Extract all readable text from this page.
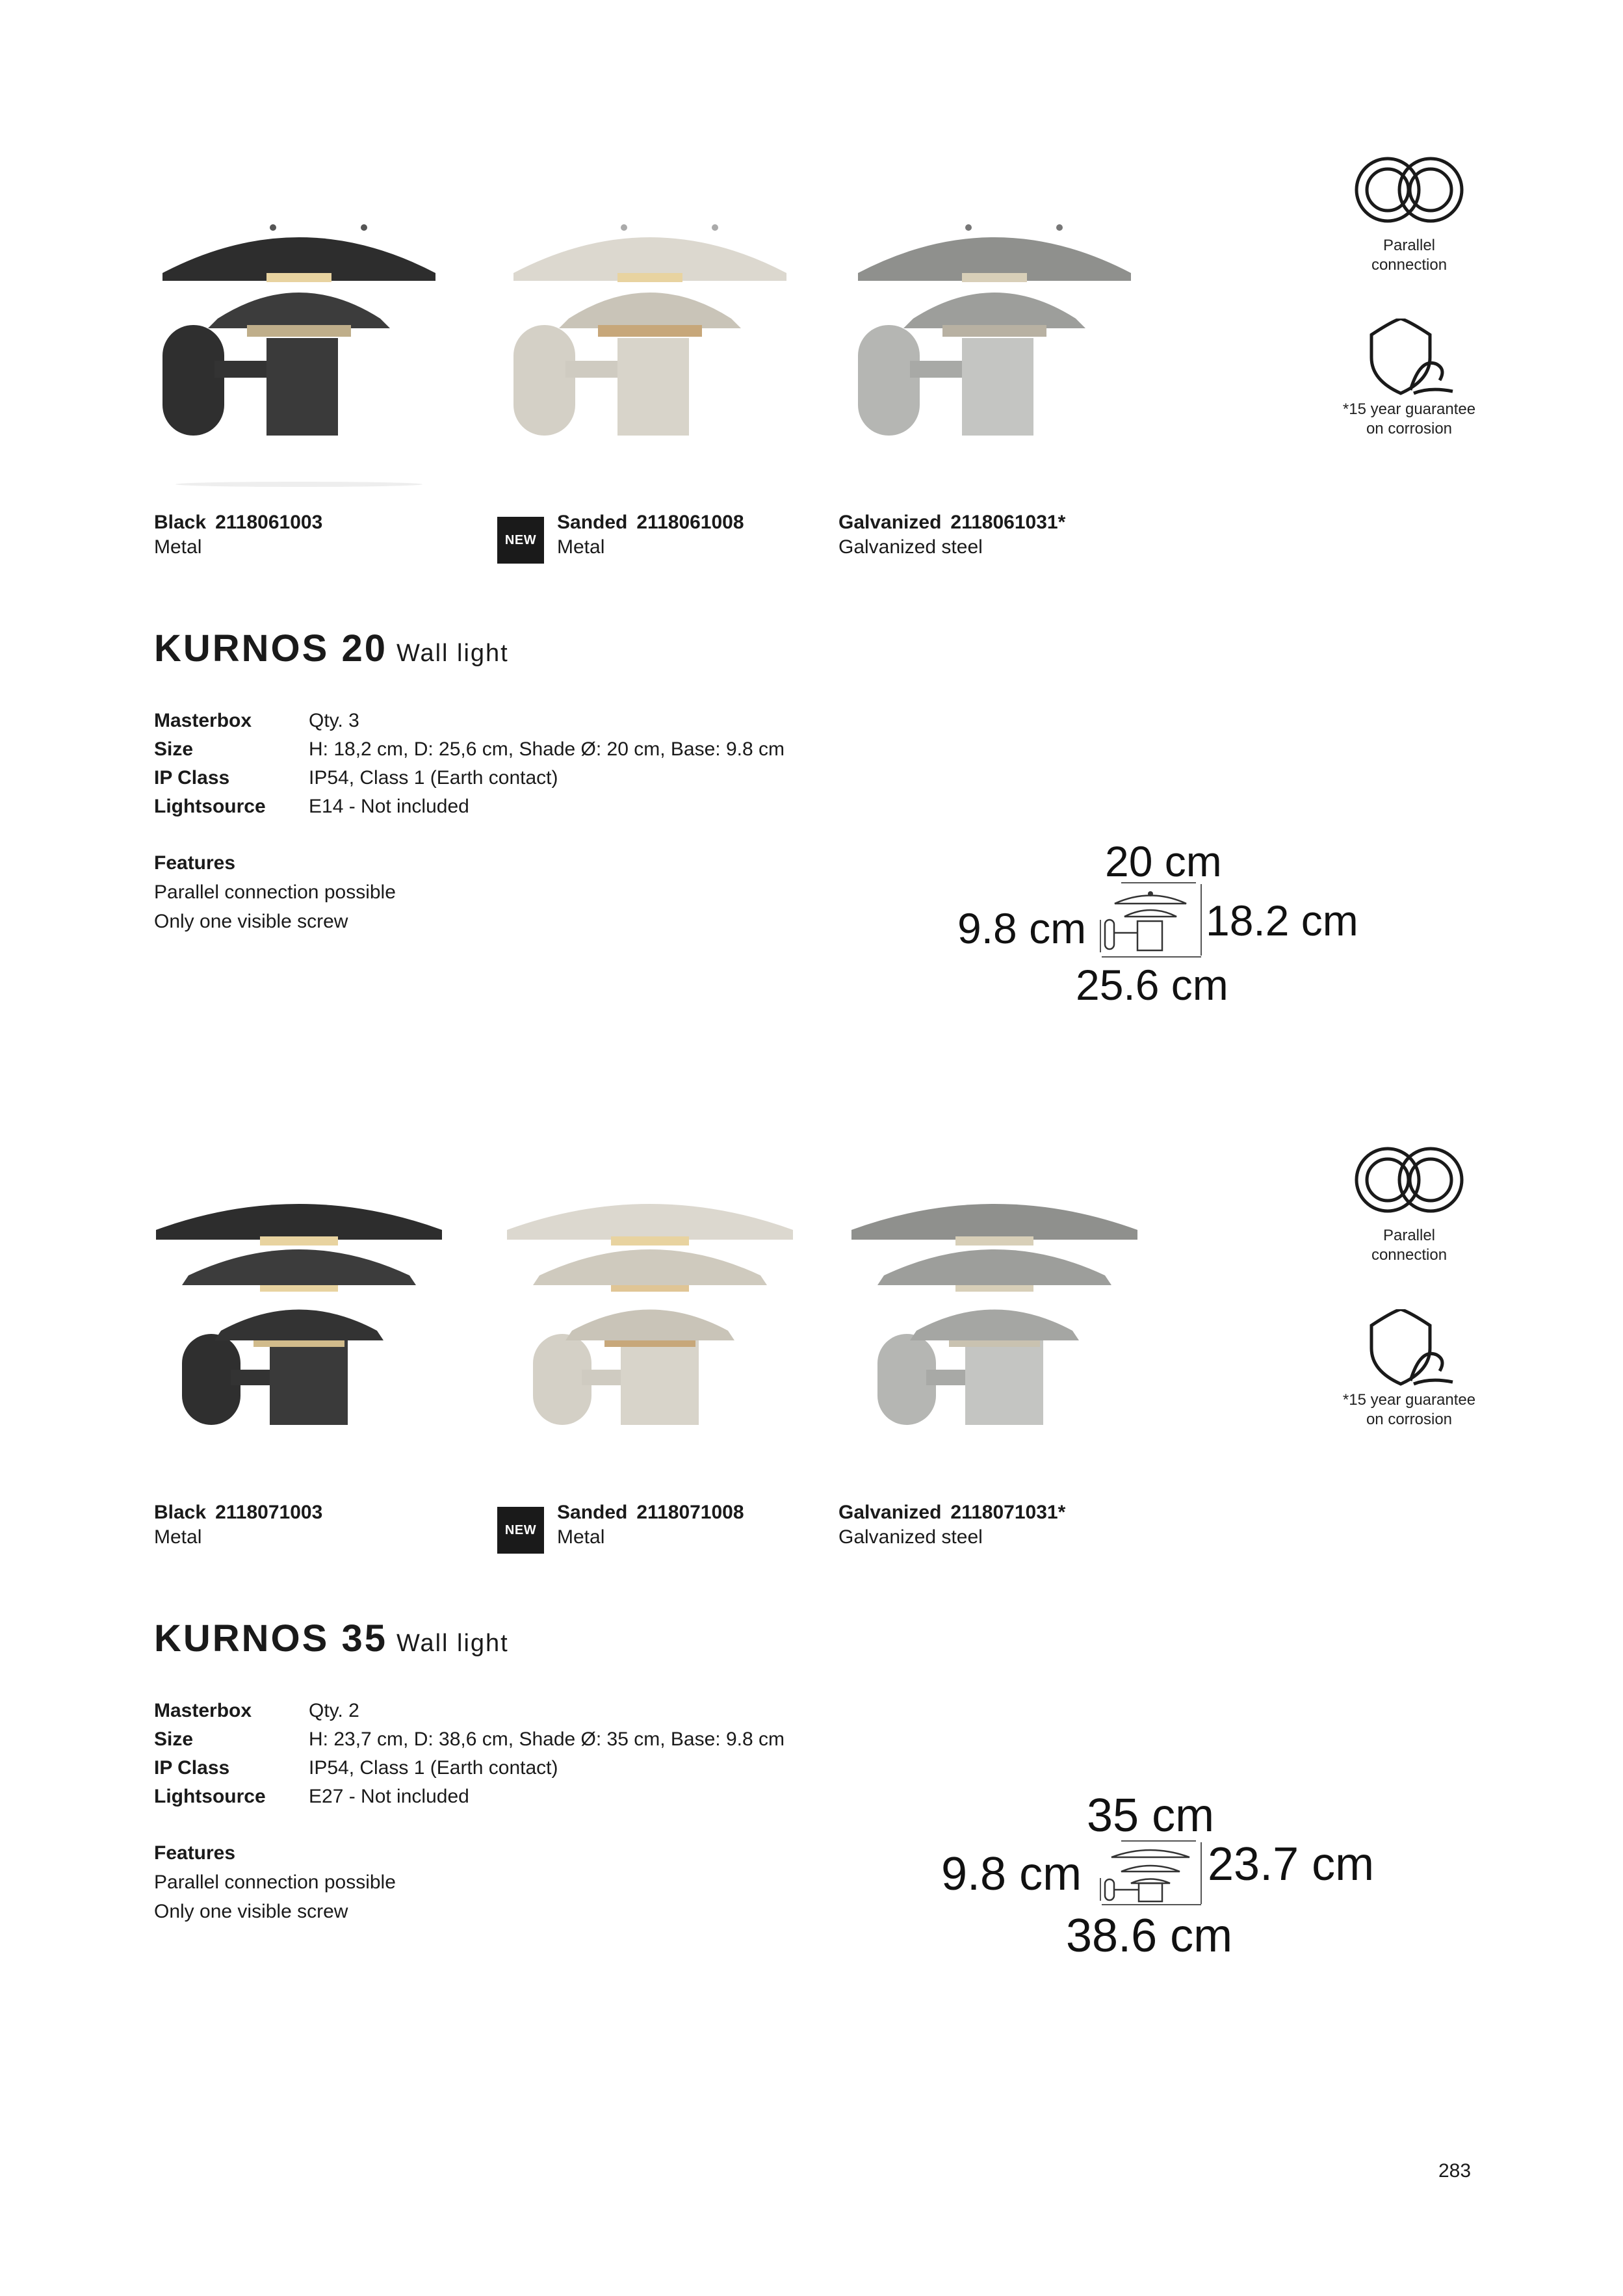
Parallel
connection
*15 year guarantee
on corrosion
Black 2118061003
Metal	NEW
Sanded 2118061008
Metal
Galvanized 2118061031*
Galvanized steel
KURNOS 20 Wall light
Masterbox	Qty. 3
Size	H: 18,2 cm, D: 25,6 cm, Shade Ø: 20 cm, Base: 9.8 cm
IP Class	IP54, Class 1 (Earth contact)
Lightsource E14 - Not included
Features
Parallel connection possible
Only one visible screw
20 cm
9.8 cm	18.2 cm
25.6 cm
Parallel
connection
*15 year guarantee
on corrosion
Black 2118071003
Metal	NEW
Sanded 2118071008
Metal
Galvanized 2118071031*
Galvanized steel
KURNOS 35 Wall light
Masterbox	Qty. 2
Size	H: 23,7 cm, D: 38,6 cm, Shade Ø: 35 cm, Base: 9.8 cm
IP Class	IP54, Class 1 (Earth contact)
Lightsource E27 - Not included
Features
Parallel connection possible
Only one visible screw
35 cm
9.8 cm	23.7 cm
38.6 cm
283
